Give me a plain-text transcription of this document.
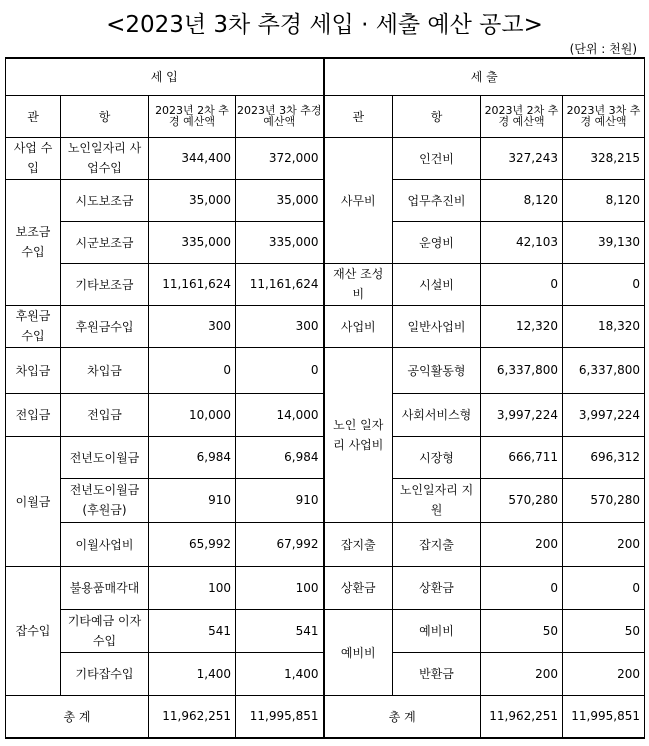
<2023년 3차 추경 세입 · 세출 예산 공고>
(단위 : 천원)
세 입				세 출			
관	항	2023년 2차 추경 예산액	2023년 3차 추경 예산액	관	항	2023년 2차 추경 예산액	2023년 3차 추경 예산액
사업 수입	노인일자리 사업수입	344,400	372,000	사무비	인건비	327,243	328,215
보조금 수입	시도보조금	35,000	35,000		업무추진비	8,120	8,120
	시군보조금	335,000	335,000		운영비	42,103	39,130
	기타보조금	11,161,624	11,161,624	재산 조성비	시설비	0	0
후원금 수입	후원금수입	300	300	사업비	일반사업비	12,320	18,320
차입금	차입금	0	0	노인 일자리 사업비	공익활동형	6,337,800	6,337,800
전입금	전입금	10,000	14,000		사회서비스형	3,997,224	3,997,224
이월금	전년도이월금	6,984	6,984		시장형	666,711	696,312
	전년도이월금 (후원금)	910	910		노인일자리 지원	570,280	570,280
	이월사업비	65,992	67,992	잡지출	잡지출	200	200
잡수입	불용품매각대	100	100	상환금	상환금	0	0
	기타예금 이자수입	541	541	예비비	예비비	50	50
	기타잡수입	1,400	1,400		반환금	200	200
총 계		11,962,251	11,995,851	총 계		11,962,251	11,995,851
